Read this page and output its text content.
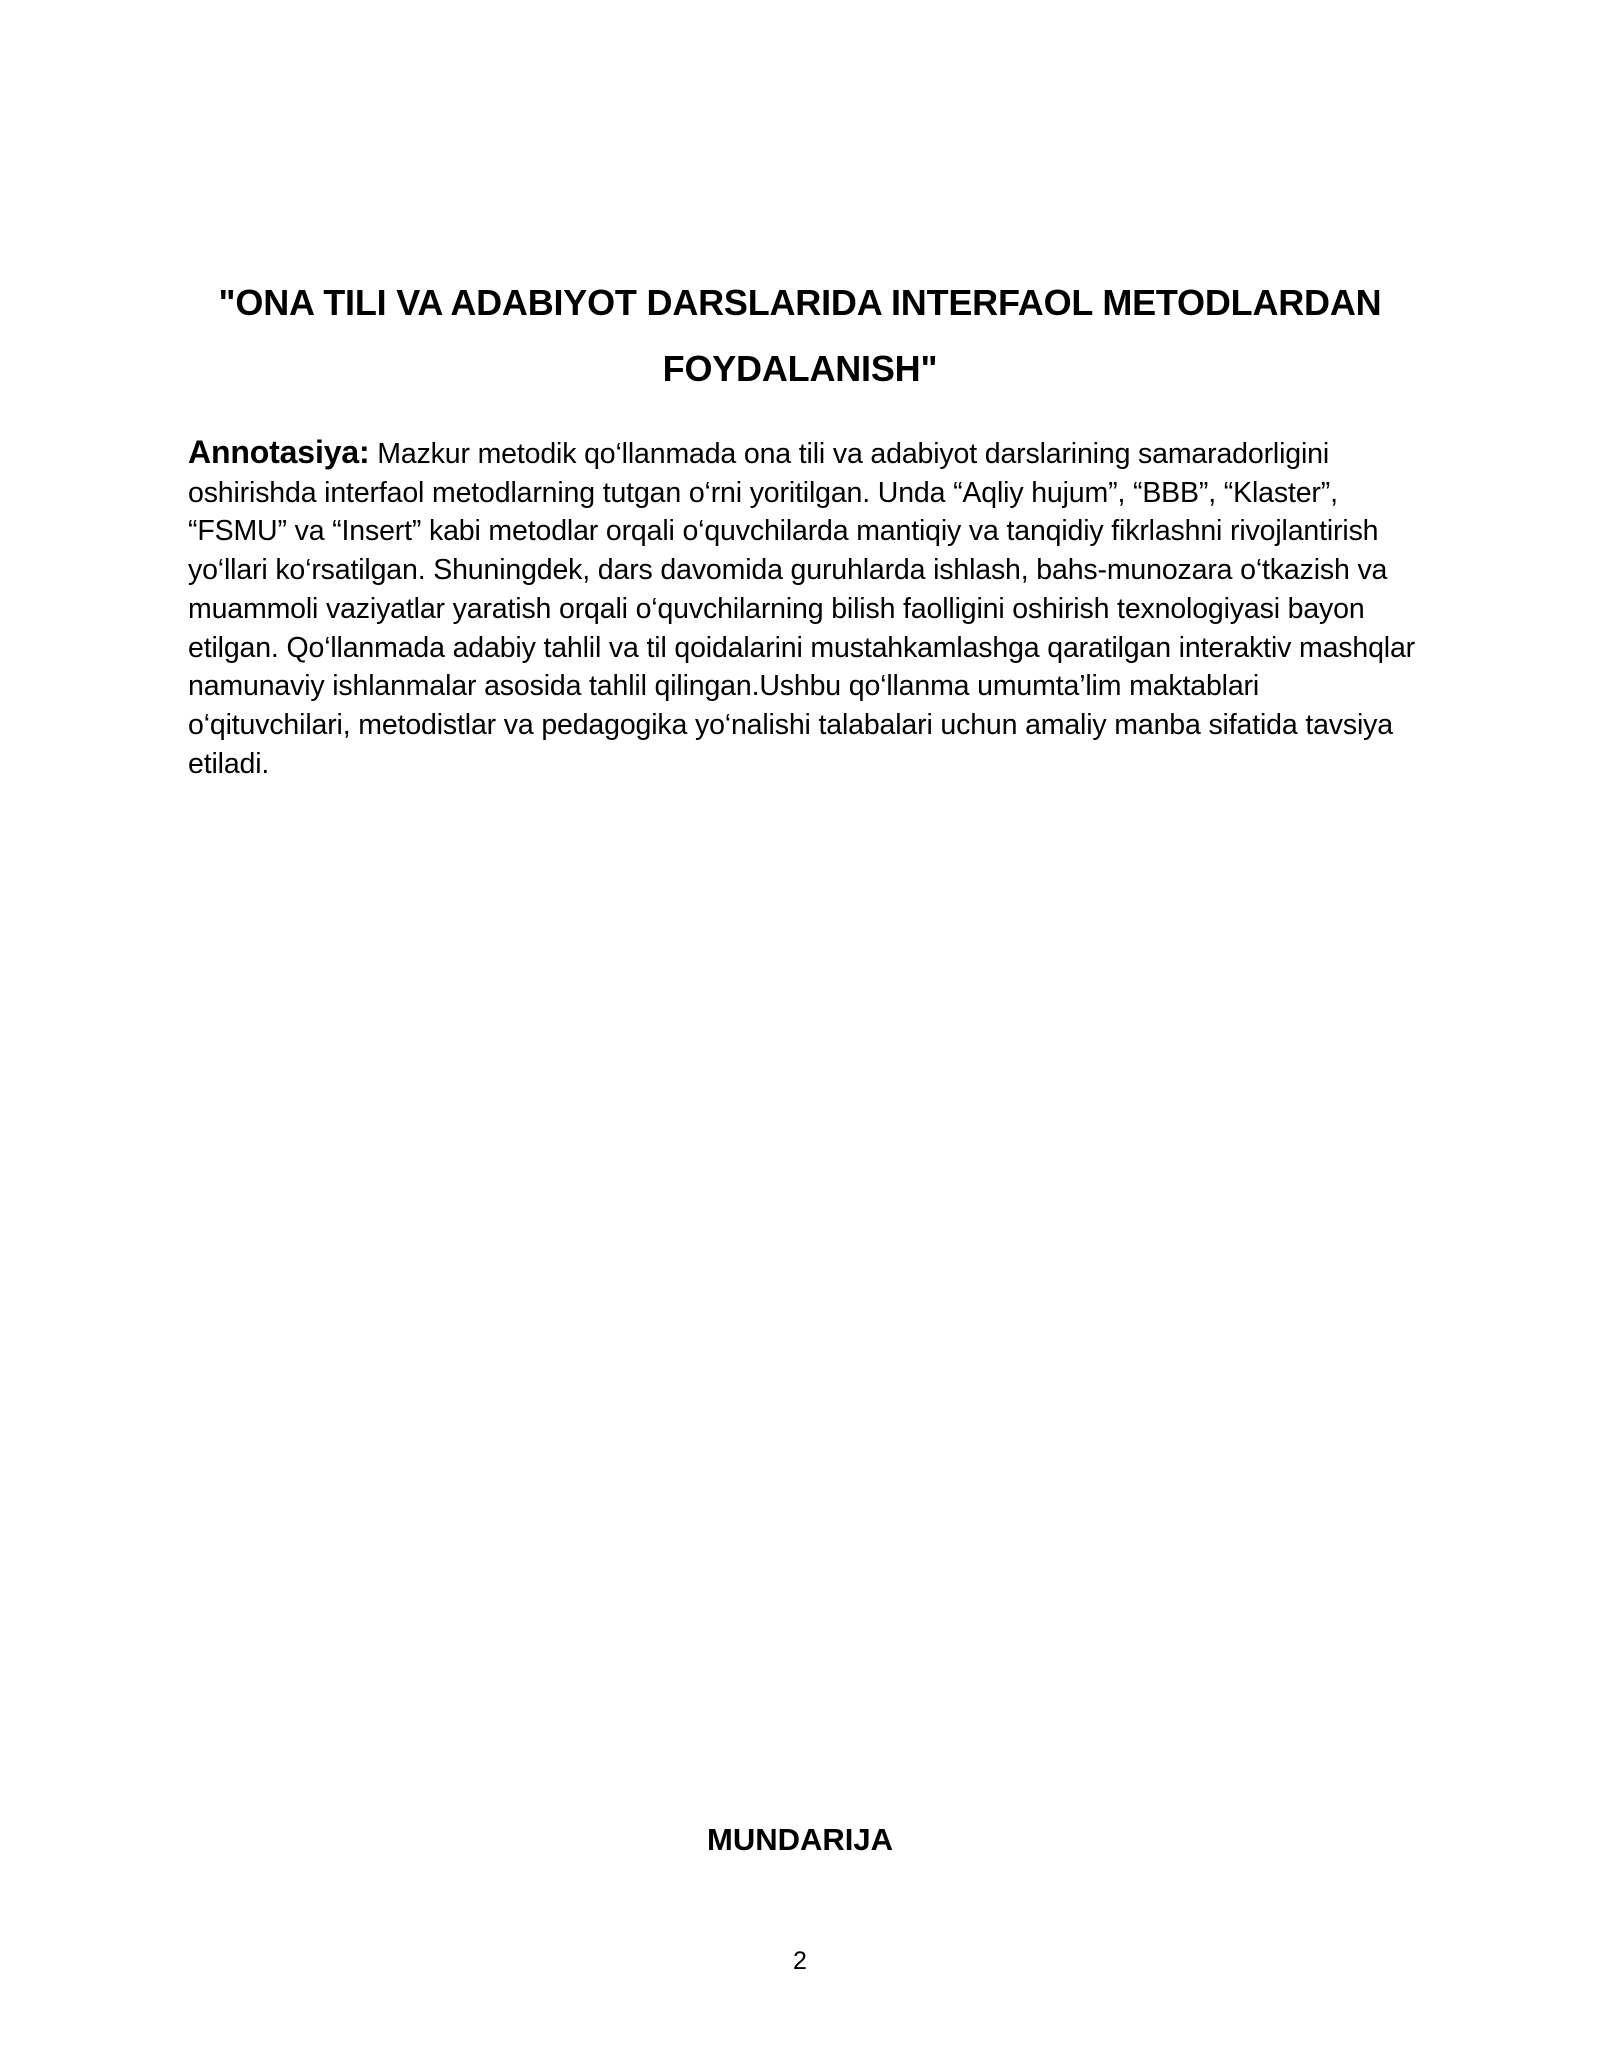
"ONA TILI VA ADABIYOT DARSLARIDA INTERFAOL METODLARDAN FOYDALANISH"

Annotasiya: Mazkur metodik qo‘llanmada ona tili va adabiyot darslarining samaradorligini oshirishda interfaol metodlarning tutgan o‘rni yoritilgan. Unda “Aqliy hujum”, “BBB”, “Klaster”, “FSMU” va “Insert” kabi metodlar orqali o‘quvchilarda mantiqiy va tanqidiy fikrlashni rivojlantirish yo‘llari ko‘rsatilgan. Shuningdek, dars davomida guruhlarda ishlash, bahs-munozara o‘tkazish va muammoli vaziyatlar yaratish orqali o‘quvchilarning bilish faolligini oshirish texnologiyasi bayon etilgan. Qo‘llanmada adabiy tahlil va til qoidalarini mustahkamlashga qaratilgan interaktiv mashqlar namunaviy ishlanmalar asosida tahlil qilingan.Ushbu qo‘llanma umumta’lim maktablari o‘qituvchilari, metodistlar va pedagogika yo‘nalishi talabalari uchun amaliy manba sifatida tavsiya etiladi.

MUNDARIJA
2
